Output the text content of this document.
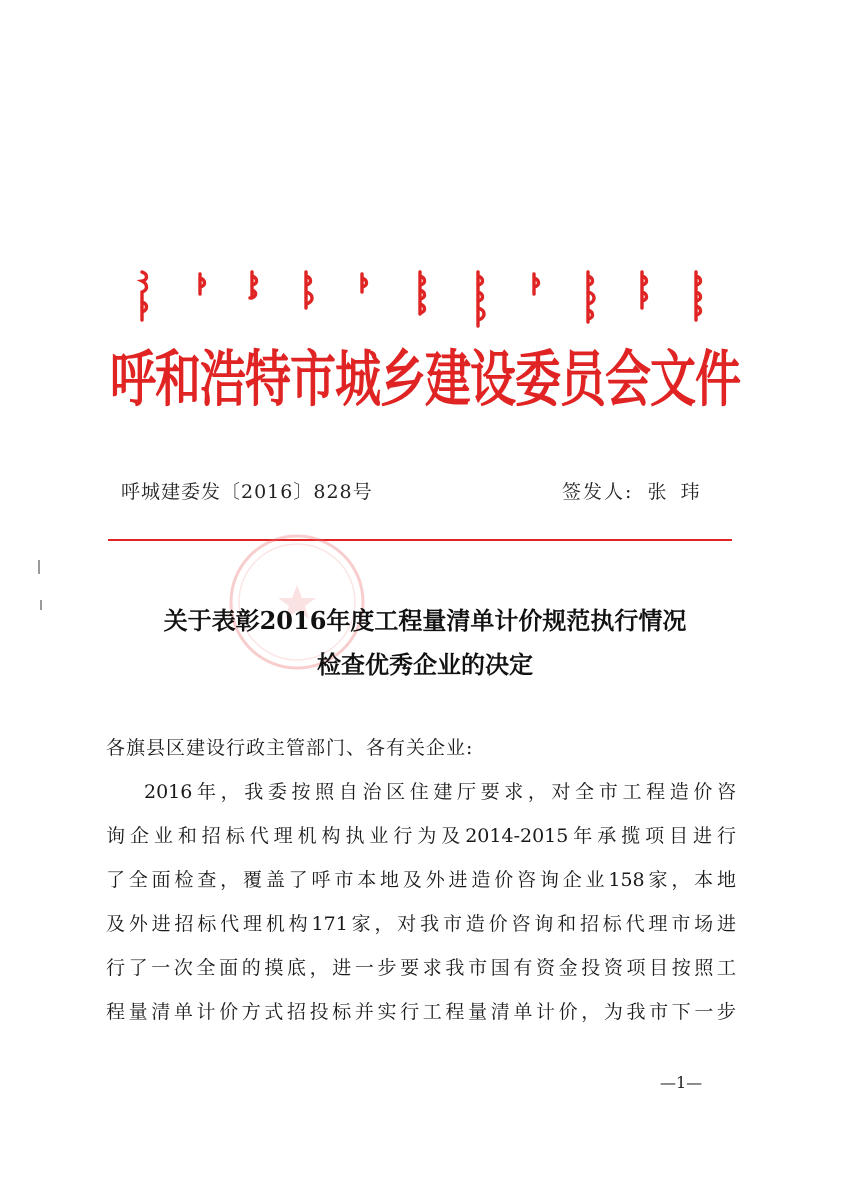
呼和浩特市城乡建设委员会文件
呼城建委发〔2016〕828号	签发人: 张玮
关于表彰2016年度工程量清单计价规范执行情况
检查优秀企业的决定
各旗县区建设行政主管部门、各有关企业:
2016年，我委按照自治区住建厅要求，对全市工程造价咨
询企业和招标代理机构执业行为及2014-2015年承揽项目进行
了全面检查，覆盖了呼市本地及外进造价咨询企业158家，本地
及外进招标代理机构171家，对我市造价咨询和招标代理市场进
行了一次全面的摸底，进一步要求我市国有资金投资项目按照工
程量清单计价方式招投标并实行工程量清单计价，为我市下一步
—1—
